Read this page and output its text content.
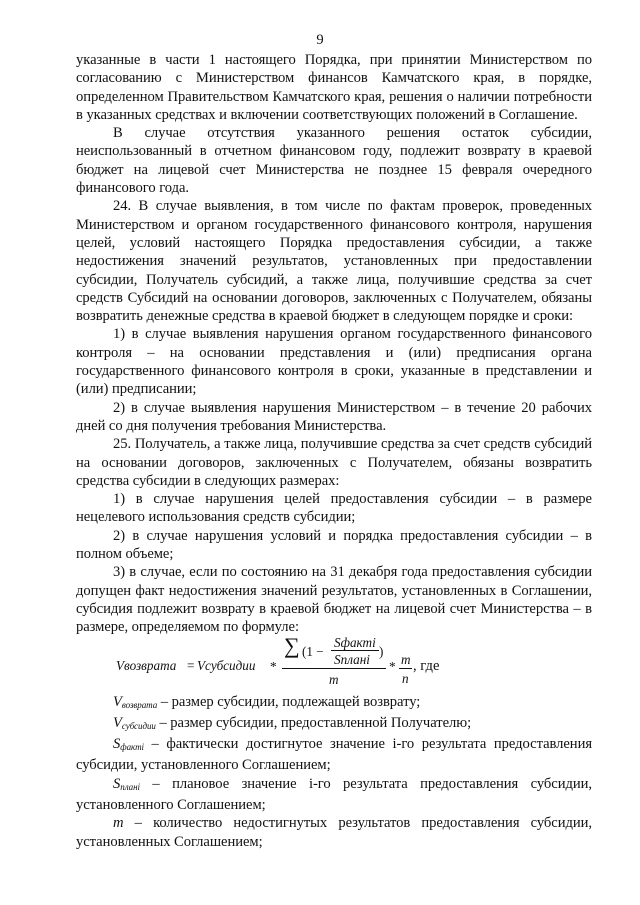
9

указанные в части 1 настоящего Порядка, при принятии Министерством по согласованию с Министерством финансов Камчатского края, в порядке, определенном Правительством Камчатского края, решения о наличии потребности в указанных средствах и включении соответствующих положений в Соглашение.

В случае отсутствия указанного решения остаток субсидии, неиспользованный в отчетном финансовом году, подлежит возврату в краевой бюджет на лицевой счет Министерства не позднее 15 февраля очередного финансового года.

24. В случае выявления, в том числе по фактам проверок, проведенных Министерством и органом государственного финансового контроля, нарушения целей, условий настоящего Порядка предоставления субсидии, а также недостижения значений результатов, установленных при предоставлении субсидии, Получатель субсидий, а также лица, получившие средства за счет средств Субсидий на основании договоров, заключенных с Получателем, обязаны возвратить денежные средства в краевой бюджет в следующем порядке и сроки:

1) в случае выявления нарушения органом государственного финансового контроля – на основании представления и (или) предписания органа государственного финансового контроля в сроки, указанные в представлении и (или) предписании;

2) в случае выявления нарушения Министерством – в течение 20 рабочих дней со дня получения требования Министерства.

25. Получатель, а также лица, получившие средства за счет средств субсидий на основании договоров, заключенных с Получателем, обязаны возвратить средства субсидии в следующих размерах:

1) в случае нарушения целей предоставления субсидии – в размере нецелевого использования средств субсидии;

2) в случае нарушения условий и порядка предоставления субсидии – в полном объеме;

3) в случае, если по состоянию на 31 декабря года предоставления субсидии допущен факт недостижения значений результатов, установленных в Соглашении, субсидия подлежит возврату в краевой бюджет на лицевой счет Министерства – в размере, определяемом по формуле:

Vвозврата = Vсубсидии *
∑ (1 −
Sфакті
Sплані
)
m
* m
n
, где

$V_{возврата}$ – размер субсидии, подлежащей возврату;

$V_{субсидии}$ – размер субсидии, предоставленной Получателю;

$S_{факті}$ – фактически достигнутое значение i-го результата предоставления субсидии, установленного Соглашением;

$S_{плані}$ – плановое значение i-го результата предоставления субсидии, установленного Соглашением;

m – количество недостигнутых результатов предоставления субсидии, установленных Соглашением;
